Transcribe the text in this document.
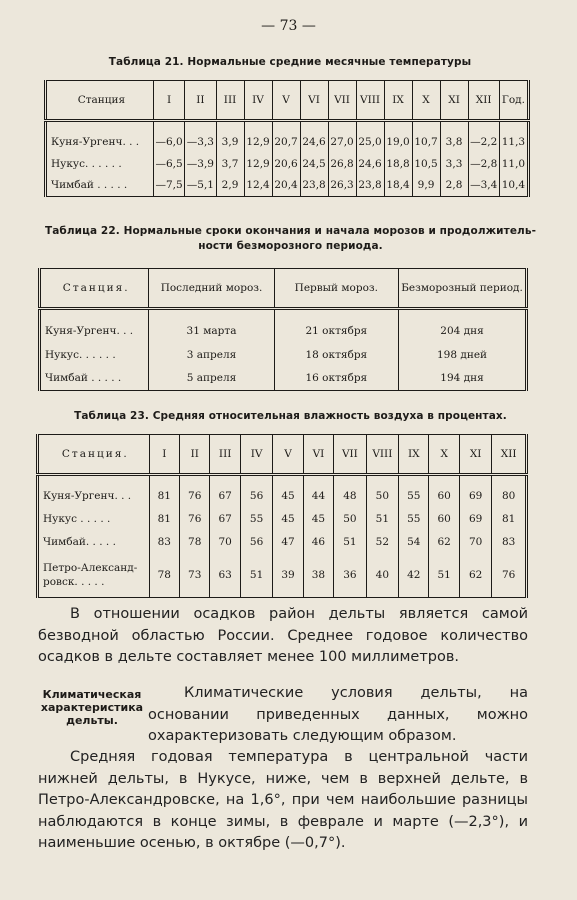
— 73 —
Таблица 21. Нормальные средние месячные температуры
Станция	I	II	III	IV	V	VI	VII	VIII	IX	X	XI	XII	Год.

Куня-Ургенч. . .	—6,0	—3,3	3,9	12,9	20,7	24,6	27,0	25,0	19,0	10,7	3,8	—2,2	11,3
Нукус. . . . . .	—6,5	—3,9	3,7	12,9	20,6	24,5	26,8	24,6	18,8	10,5	3,3	—2,8	11,0
Чимбай . . . . .	—7,5	—5,1	2,9	12,4	20,4	23,8	26,3	23,8	18,4	9,9	2,8	—3,4	10,4
Таблица 22. Нормальные сроки окончания и начала морозов и продолжитель-
ности безморозного периода.
Станция.	Последний мороз.	Первый мороз.	Безморозный период.

Куня-Ургенч. . .	31 марта	21 октября	204 дня
Нукус. . . . . .	3 апреля	18 октября	198 дней
Чимбай . . . . .	5 апреля	16 октября	194 дня
Таблица 23. Средняя относительная влажность воздуха в процентах.
Станция.	I	II	III	IV	V	VI	VII	VIII	IX	X	XI	XII

Куня-Ургенч. . .	81	76	67	56	45	44	48	50	55	60	69	80
Нукус . . . . .	81	76	67	55	45	45	50	51	55	60	69	81
Чимбай. . . . .	83	78	70	56	47	46	51	52	54	62	70	83

Петро-Александ-
ровск. . . . .	78	73	63	51	39	38	36	40	42	51	62	76
В отношении осадков район дельты является самой безводной областью России. Среднее годовое количество осадков в дельте составляет менее 100 миллиметров.
Климатическая характеристика дельты.
Климатические условия дельты, на основании приведенных данных, можно охарактеризовать следующим образом.
Средняя годовая температура в центральной части нижней дельты, в Нукусе, ниже, чем в верхней дельте, в Петро-Александровске, на 1,6°, при чем наибольшие разницы наблюдаются в конце зимы, в феврале и марте (—2,3°), и наименьшие осенью, в октябре (—0,7°).
